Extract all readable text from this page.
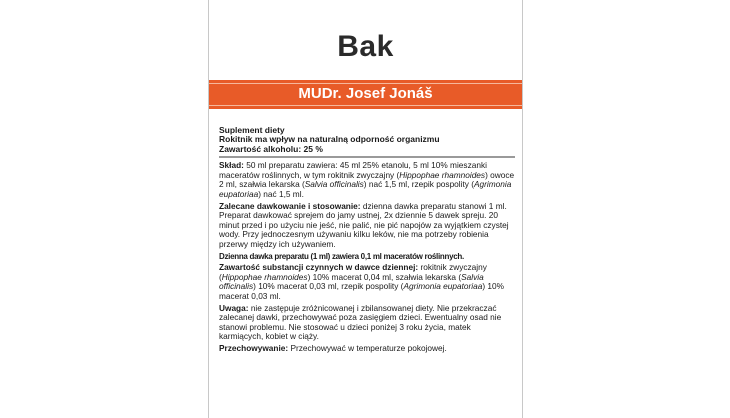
Bak
MUDr. Josef Jonáš

Suplement diety

Rokitnik ma wpływ na naturalną odporność organizmu

Zawartość alkoholu: 25 %

Skład: 50 ml preparatu zawiera: 45 ml 25% etanolu, 5 ml 10% mieszanki maceratów roślinnych, w tym rokitnik zwyczajny (Hippophae rhamnoides) owoce 2 ml, szałwia lekarska (Salvia officinalis) nać 1,5 ml, rzepik pospolity (Agrimonia eupatoriaa) nać 1,5 ml.

Zalecane dawkowanie i stosowanie: dzienna dawka preparatu stanowi 1 ml. Preparat dawkować sprejem do jamy ustnej, 2x dziennie 5 dawek spreju. 20 minut przed i po użyciu nie jeść, nie palić, nie pić napojów za wyjątkiem czystej wody. Przy jednoczesnym używaniu kilku leków, nie ma potrzeby robienia przerwy między ich używaniem.

Dzienna dawka preparatu (1 ml) zawiera 0,1 ml maceratów roślinnych.

Zawartość substancji czynnych w dawce dziennej: rokitnik zwyczajny (Hippophae rhamnoides) 10% macerat 0,04 ml, szałwia lekarska (Salvia officinalis) 10% macerat 0,03 ml, rzepik pospolity (Agrimonia eupatoriaa) 10% macerat 0,03 ml.

Uwaga: nie zastępuje zróżnicowanej i zbilansowanej diety. Nie przekraczać zalecanej dawki, przechowywać poza zasięgiem dzieci. Ewentualny osad nie stanowi problemu. Nie stosować u dzieci poniżej 3 roku życia, matek karmiących, kobiet w ciąży.

Przechowywanie: Przechowywać w temperaturze pokojowej.
